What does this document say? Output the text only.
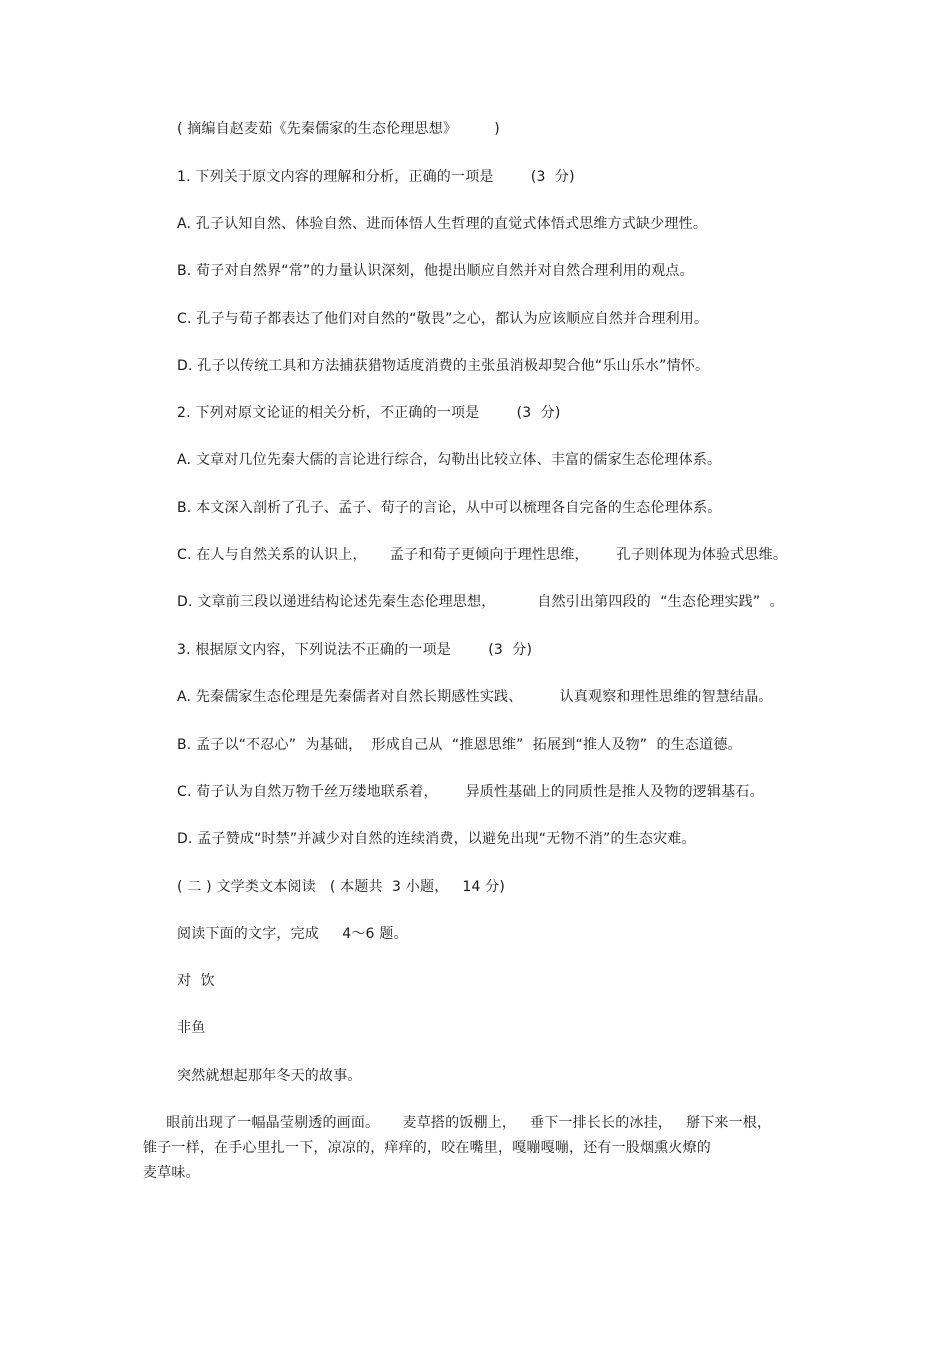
( 摘编自赵麦茹《先秦儒家的生态伦理思想》        )
1. 下列关于原文内容的理解和分析，正确的一项是        (3  分)
A. 孔子认知自然、体验自然、进而体悟人生哲理的直觉式体悟式思维方式缺少理性。
B. 荀子对自然界“常”的力量认识深刻，他提出顺应自然并对自然合理利用的观点。
C. 孔子与荀子都表达了他们对自然的“敬畏”之心，都认为应该顺应自然并合理利用。
D. 孔子以传统工具和方法捕获猎物适度消费的主张虽消极却契合他“乐山乐水”情怀。
2. 下列对原文论证的相关分析，不正确的一项是        (3  分)
A. 文章对几位先秦大儒的言论进行综合，勾勒出比较立体、丰富的儒家生态伦理体系。
B. 本文深入剖析了孔子、孟子、荀子的言论，从中可以梳理各自完备的生态伦理体系。
C. 在人与自然关系的认识上，     孟子和荀子更倾向于理性思维，      孔子则体现为体验式思维。
D. 文章前三段以递进结构论述先秦生态伦理思想，         自然引出第四段的  “生态伦理实践”  。
3. 根据原文内容，下列说法不正确的一项是        (3  分)
A. 先秦儒家生态伦理是先秦儒者对自然长期感性实践、        认真观察和理性思维的智慧结晶。
B. 孟子以“不忍心”  为基础，  形成自己从  “推恩思维”  拓展到“推人及物”  的生态道德。
C. 荀子认为自然万物千丝万缕地联系着，      异质性基础上的同质性是推人及物的逻辑基石。
D. 孟子赞成“时禁”并减少对自然的连续消费，以避免出现“无物不消”的生态灾难。
( 二 ) 文学类文本阅读   ( 本题共  3 小题，   14 分)
阅读下面的文字，完成     4～6 题。
对  饮
非鱼
突然就想起那年冬天的故事。
眼前出现了一幅晶莹剔透的画面。     麦草搭的饭棚上，   垂下一排长长的冰挂，   掰下来一根，
锥子一样，在手心里扎一下，凉凉的，痒痒的，咬在嘴里，嘎嘣嘎嘣，还有一股烟熏火燎的
麦草味。
